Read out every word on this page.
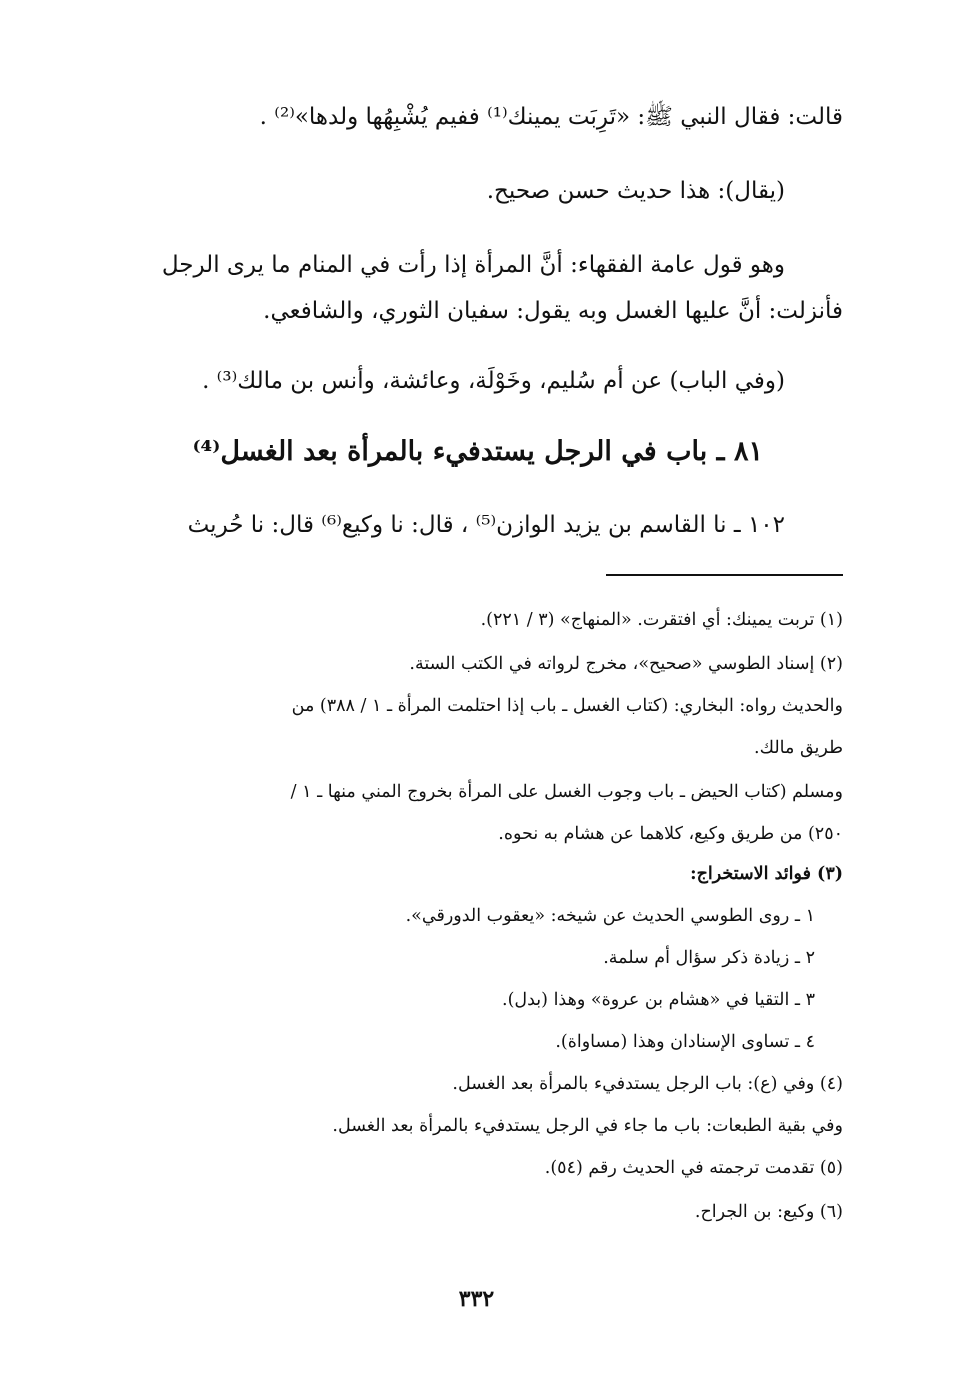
قالت: فقال النبي ﷺ: «تَرِبَت يمينك⁽¹⁾ ففيم يُشْبِهُها ولدها»⁽²⁾ .
(يقال): هذا حديث حسن صحيح.
وهو قول عامة الفقهاء: أنَّ المرأة إذا رأت في المنام ما يرى الرجل
فأنزلت: أنَّ عليها الغسل وبه يقول: سفيان الثوري، والشافعي.
(وفي الباب) عن أم سُليم، وخَوْلَة، وعائشة، وأنس بن مالك⁽³⁾ .
٨١ ـ باب في الرجل يستدفيء بالمرأة بعد الغسل⁽⁴⁾
١٠٢ ـ نا القاسم بن يزيد الوازن⁽⁵⁾ ، قال: نا وكيع⁽⁶⁾ قال: نا حُريث
(١) تربت يمينك: أي افتقرت. «المنهاج» (٣ / ٢٢١).
(٢) إسناد الطوسي «صحيح»، مخرج لرواته في الكتب الستة.
والحديث رواه: البخاري: (كتاب الغسل ـ باب إذا احتلمت المرأة ـ ١ / ٣٨٨) من
طريق مالك.
ومسلم (كتاب الحيض ـ باب وجوب الغسل على المرأة بخروج المني منها ـ ١ /
٢٥٠) من طريق وكيع، كلاهما عن هشام به نحوه.
(٣) فوائد الاستخراج:
١ ـ روى الطوسي الحديث عن شيخه: «يعقوب الدورقي».
٢ ـ زيادة ذكر سؤال أم سلمة.
٣ ـ التقيا في «هشام بن عروة» وهذا (بدل).
٤ ـ تساوى الإسنادان وهذا (مساواة).
(٤) وفي (ع): باب الرجل يستدفيء بالمرأة بعد الغسل.
وفي بقية الطبعات: باب ما جاء في الرجل يستدفيء بالمرأة بعد الغسل.
(٥) تقدمت ترجمته في الحديث رقم (٥٤).
(٦) وكيع: بن الجراح.
٣٣٢
